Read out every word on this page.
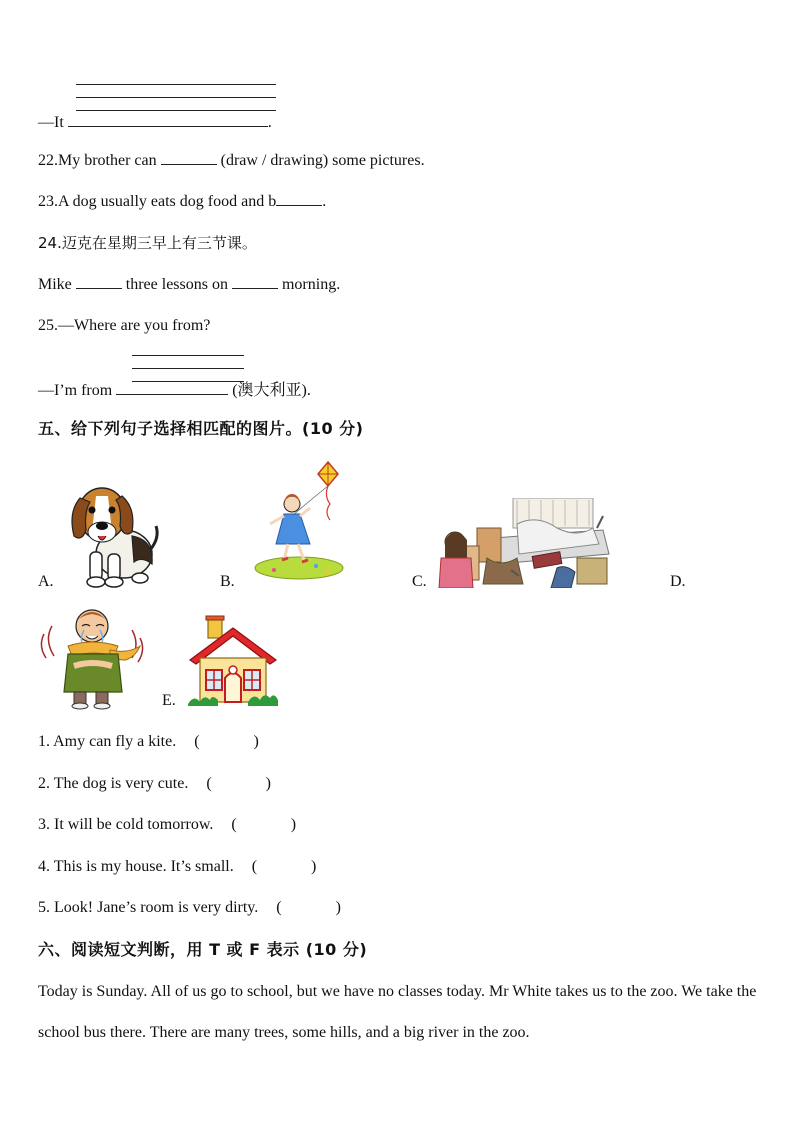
—It	.
22.My brother can	(draw / drawing) some pictures.
23.A dog usually eats dog food and b	.
24.迈克在星期三早上有三节课。
Mike	three lessons on	morning.
25.—Where are you from?
—I’m from	(澳大利亚).
五、给下列句子选择相匹配的图片。(10 分)
A.	B.	C.	D.
E.
1. Amy can fly a kite. (	)
2. The dog is very cute. (	)
3. It will be cold tomorrow. (	)
4. This is my house. It’s small. (	)
5. Look! Jane’s room is very dirty. (	)
六、阅读短文判断，用 T 或 F 表示 (10 分)
Today is Sunday. All of us go to school, but we have no classes today. Mr White takes us to the zoo. We take the school bus there. There are many trees, some hills, and a big river in the zoo.
